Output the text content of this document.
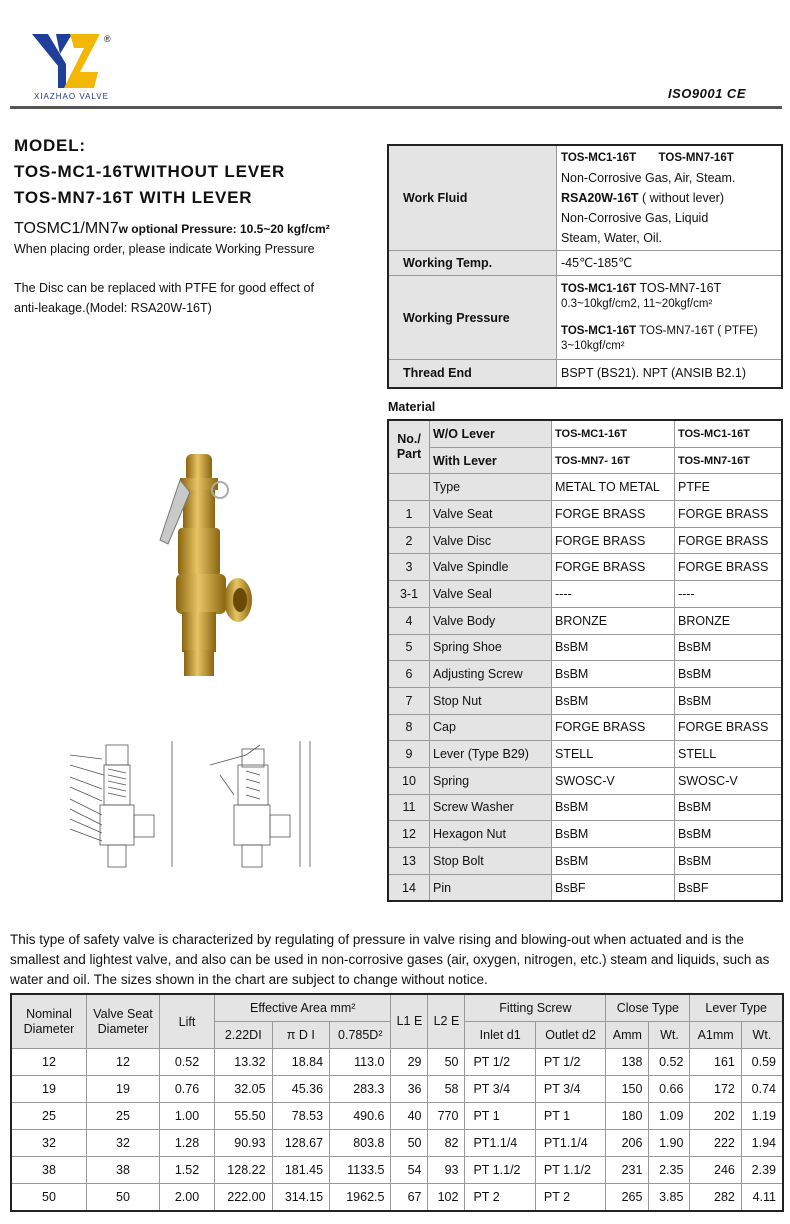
®
XIAZHAO VALVE	ISO9001 CE
MODEL:
TOS-MC1-16TWITHOUT LEVER
TOS-MN7-16T WITH LEVER
TOSMC1/MN7w optional Pressure: 10.5~20 kgf/cm²
When placing order, please indicate Working Pressure
The Disc can be replaced with PTFE for good effect of
anti-leakage.(Model: RSA20W-16T)
Work Fluid	TOS-MC1-16T       TOS-MN7-16T
Non-Corrosive Gas, Air, Steam.
RSA20W-16T ( without lever)
Non-Corrosive Gas, Liquid
Steam, Water, Oil.

Working Temp.	-45℃-185℃
Working Pressure	TOS-MC1-16T TOS-MN7-16T
0.3~10kgf/cm2, 11~20kgf/cm²
TOS-MC1-16T TOS-MN7-16T ( PTFE)
3~10kgf/cm²

Thread End	BSPT (BS21). NPT (ANSIB B2.1)
Material
No./ Part	W/O Lever	TOS-MC1-16T	TOS-MC1-16T
	With Lever	TOS-MN7- 16T	TOS-MN7-16T
	Type	METAL TO METAL	PTFE
1	Valve Seat	FORGE BRASS	FORGE BRASS
2	Valve Disc	FORGE BRASS	FORGE BRASS
3	Valve Spindle	FORGE BRASS	FORGE BRASS
3-1	Valve Seal	----	----
4	Valve Body	BRONZE	BRONZE
5	Spring Shoe	BsBM	BsBM
6	Adjusting Screw	BsBM	BsBM
7	Stop Nut	BsBM	BsBM
8	Cap	FORGE BRASS	FORGE BRASS
9	Lever (Type B29)	STELL	STELL
10	Spring	SWOSC-V	SWOSC-V
11	Screw Washer	BsBM	BsBM
12	Hexagon Nut	BsBM	BsBM
13	Stop Bolt	BsBM	BsBM
14	Pin	BsBF	BsBF
This type of safety valve is characterized by regulating of pressure in valve rising and blowing-out when actuated and is the smallest and lightest valve, and also can be used in non-corrosive gases (air, oxygen, nitrogen, etc.) steam and liquids, such as water and oil. The sizes shown in the chart are subject to change without notice.
Nominal Diameter	Valve Seat Diameter	Lift	Effective Area mm²			L1 E	L2 E	Fitting Screw		Close Type		Lever Type	
			2.22DI	π D I	0.785D²			Inlet d1	Outlet d2	Amm	Wt.	A1mm	Wt.
12	12	0.52	13.32	18.84	113.0	29	50	PT 1/2	PT 1/2	138	0.52	161	0.59
19	19	0.76	32.05	45.36	283.3	36	58	PT 3/4	PT 3/4	150	0.66	172	0.74
25	25	1.00	55.50	78.53	490.6	40	770	PT 1	PT 1	180	1.09	202	1.19
32	32	1.28	90.93	128.67	803.8	50	82	PT1.1/4	PT1.1/4	206	1.90	222	1.94
38	38	1.52	128.22	181.45	1133.5	54	93	PT 1.1/2	PT 1.1/2	231	2.35	246	2.39
50	50	2.00	222.00	314.15	1962.5	67	102	PT 2	PT 2	265	3.85	282	4.11
